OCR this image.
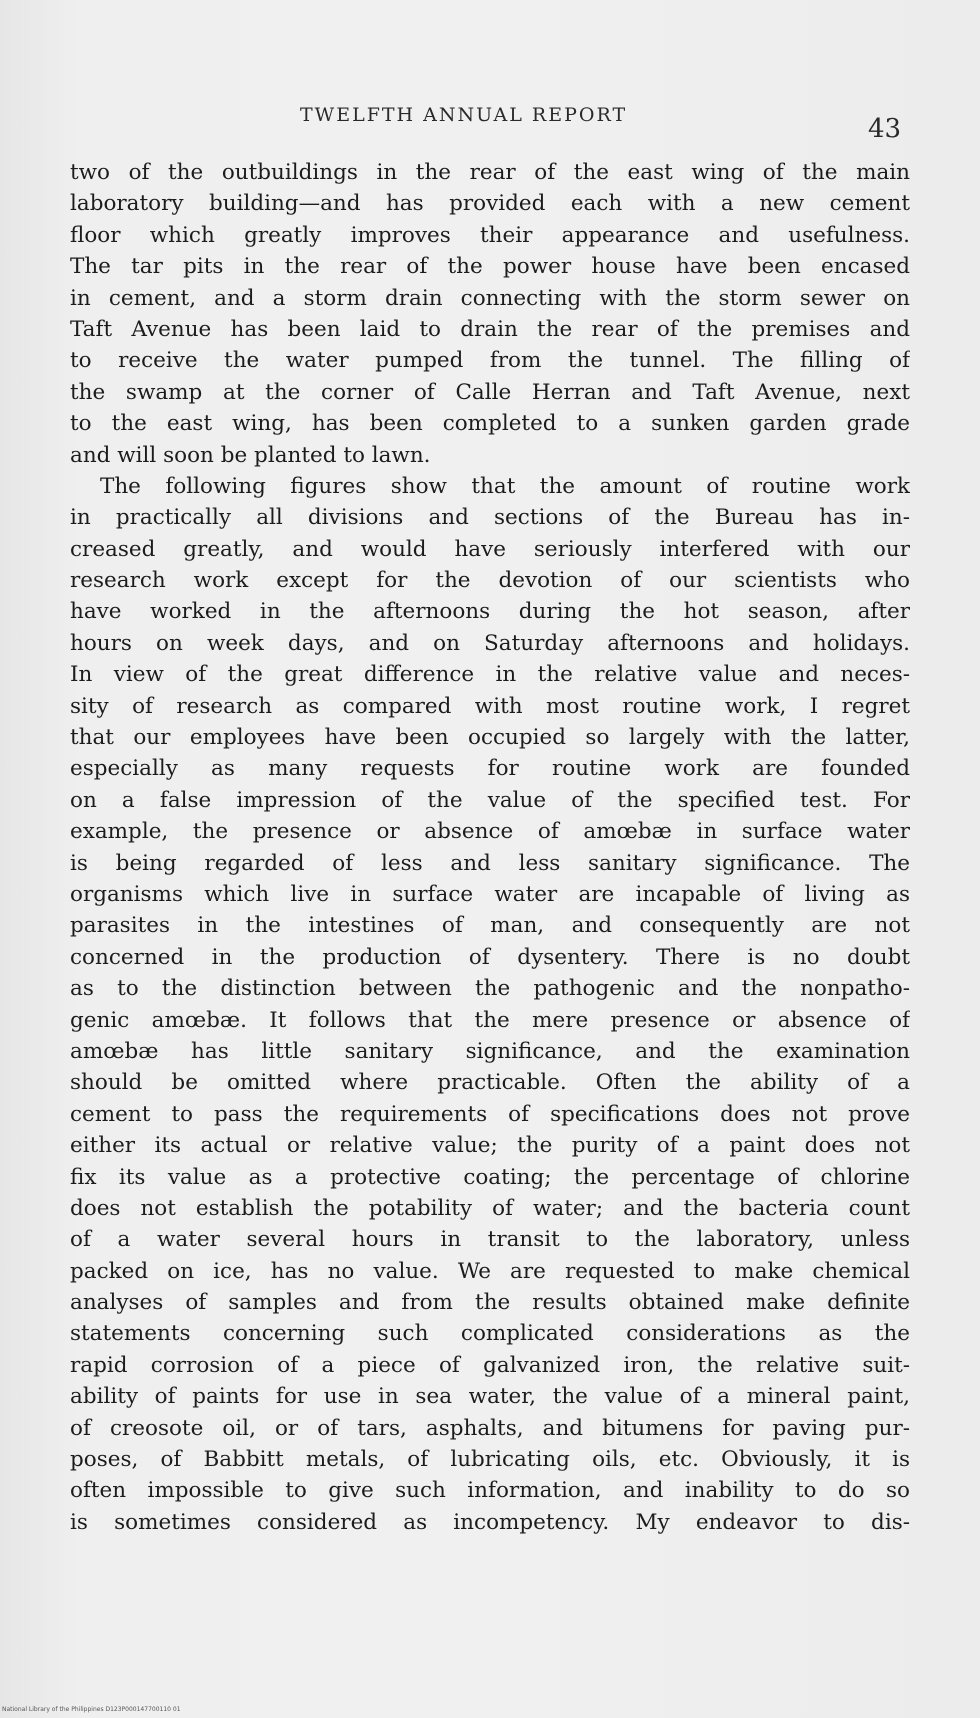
TWELFTH ANNUAL REPORT	43
two of the outbuildings in the rear of the east wing of the main
laboratory building—and has provided each with a new cement
floor which greatly improves their appearance and usefulness.
The tar pits in the rear of the power house have been encased
in cement, and a storm drain connecting with the storm sewer on
Taft Avenue has been laid to drain the rear of the premises and
to receive the water pumped from the tunnel. The filling of
the swamp at the corner of Calle Herran and Taft Avenue, next
to the east wing, has been completed to a sunken garden grade
and will soon be planted to lawn.
The following figures show that the amount of routine work
in practically all divisions and sections of the Bureau has in-
creased greatly, and would have seriously interfered with our
research work except for the devotion of our scientists who
have worked in the afternoons during the hot season, after
hours on week days, and on Saturday afternoons and holidays.
In view of the great difference in the relative value and neces-
sity of research as compared with most routine work, I regret
that our employees have been occupied so largely with the latter,
especially as many requests for routine work are founded
on a false impression of the value of the specified test. For
example, the presence or absence of amœbæ in surface water
is being regarded of less and less sanitary significance. The
organisms which live in surface water are incapable of living as
parasites in the intestines of man, and consequently are not
concerned in the production of dysentery. There is no doubt
as to the distinction between the pathogenic and the nonpatho-
genic amœbæ. It follows that the mere presence or absence of
amœbæ has little sanitary significance, and the examination
should be omitted where practicable. Often the ability of a
cement to pass the requirements of specifications does not prove
either its actual or relative value; the purity of a paint does not
fix its value as a protective coating; the percentage of chlorine
does not establish the potability of water; and the bacteria count
of a water several hours in transit to the laboratory, unless
packed on ice, has no value. We are requested to make chemical
analyses of samples and from the results obtained make definite
statements concerning such complicated considerations as the
rapid corrosion of a piece of galvanized iron, the relative suit-
ability of paints for use in sea water, the value of a mineral paint,
of creosote oil, or of tars, asphalts, and bitumens for paving pur-
poses, of Babbitt metals, of lubricating oils, etc. Obviously, it is
often impossible to give such information, and inability to do so
is sometimes considered as incompetency. My endeavor to dis-
National Library of the Philippines D123P000147700110 01
